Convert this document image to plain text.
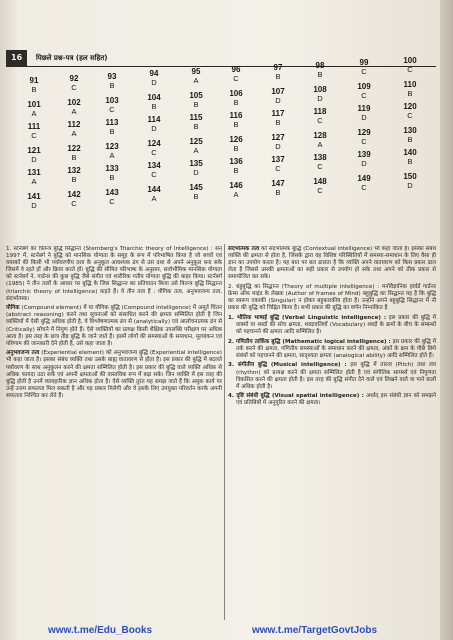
16 पिछले प्रश्न-पत्र (हल सहित)
91
B
92
C
93
B
94
D
95
A
96
C
97
B
98
B
99
C
100
C
101
A
102
A
103
C
104
B
105
B
106
B
107
D
108
D
109
C
110
B
111
C
112
A
113
B
114
D
115
B
116
B
117
B
118
C
119
D
120
C
121
D
122
B
123
A
124
C
125
A
126
B
127
D
128
A
129
C
130
B
131
A
132
B
133
B
134
C
135
D
136
B
137
C
138
C
139
D
140
B
141
D
142
C
143
C
144
A
145
B
146
A
147
B
148
C
149
C
150
D

1. स्टर्नबर्ग का त्रितन्त्र बुद्धि सिद्धान्त (Sternberg's Triarchic theory of Intelligence) : सन् 1997 में, स्टर्नबर्ग ने बुद्धि को मानसिक योग्यता के समूह के रूप में परिभाषित किया है जो बच्चों एवं वयस्कों की किसी भी पर्यावरणीय दशा के अनुकूल आवश्यक ढंग से उस दशा से अपने अनुकूल बना सके जिसमें वे रहते हों और क्रिया करते हों। बुद्धि की सीमित परिभाषा के अनुसार, सार्वभौमिक मानसिक योग्यता को स्टर्नबर्ग ने, गार्डनर की कुछ बुद्धि जैसे संगीत एवं शारीरिक गतीय योग्यता बुद्धि की बाहर किया। स्टर्नबर्ग (1985) ने तीन तत्वों के आधार पर बुद्धि के जिस सिद्धान्त का प्रतिपादन किया उसे त्रितन्त्र बुद्धि सिद्धान्त (triarchic theory of Intelligence) कहते हैं। ये तीन तत्व हैं : यौगिक तत्व, अनुभवजन्य तत्व, संदर्भात्मक।

यौगिक (Compound element) में या यौगिक बुद्धि (Compound intelligence) में अमूर्त चिंतन (abstract reasoning) करने तथा सूचनाओं को संसाधित करने की क्षमता सम्मिलित होती है जिन व्यक्तियों में ऐसी बुद्धि अधिक होती है, वे विश्लेषणात्मक ढंग से (analytically) एवं आलोचनात्मक ढंग से (Critically) सोचने में निपुण होते हैं। ऐसे व्यक्तियों का प्रत्यक्ष किसी शैक्षिक उपलब्धि परीक्षण पर अधिक आता है। इस तरह के छात्र तीव्र बुद्धि के जाने जाते हैं। इसमें लोगों की समस्याओं के समाधान, मूल्यांकन एवं परिणाम की जानकारी देने होती है, उसे कहा जाता है।

अनुभवजन्य तत्व (Experiential element) को अनुभवजन्य बुद्धि (Experiential intelligence) भी कहा जाता है। इसका संबंध व्यक्ति तथा उसके बाह्य वातावरण से होता है। इस प्रकार की बुद्धि में बदलते पर्यावरण के साथ अनुकूलन करने की क्षमता सम्मिलित होती है। इस प्रकार की बुद्धि वाले व्यक्ति अधिक से अधिक फायदा उठा सकें एवं अपनी क्षमताओं की वास्तविक रूप में बढ़ा सके। जिन व्यक्ति में इस तरह की बुद्धि होती है उनमें व्यावहारिक ज्ञान अधिक होता है। ऐसे व्यक्ति तुरंत यह समझ जाते हैं कि अमुक कार्य पर उन्हें उत्तम सफलता मिल सकती है और यह प्रकार मिलेगी और वे इसके लिए उपयुक्त परिवर्तन करके अपनी सफलता निश्चित कर लेते हैं।

संदर्भात्मक तत्व को संदर्भात्मक बुद्धि (Contextual intelligence) भी कहा जाता है। इसका संबंध व्यक्ति की क्षमता से होता है, जिसके द्वारा वह विशिष्ट परिस्थितियों में समस्या-समाधान के लिए वैसा ही ज्ञान का उपयोग करता है। यह बात पर बल डालता है कि व्यक्ति अपने वातावरण को किस प्रकार ढाल लेता है जिससे उसकी क्षमताओं का सही प्रकार से उपयोग हो सके तथा अपने को ठीक प्रकार से समायोजित कर सके।

2. बहुबुद्धि का सिद्धान्त (Theory of multiple intelligence) : मनोवैज्ञानिक हार्वर्ड गार्डनर फ्रेम्स ऑफ माइंड के लेखक (Author of frames of Mind) बहुबुद्धि का सिद्धान्त यह है कि बुद्धि का स्वरूप एकाकी (Singular) न होकर बहुकारकीय होता है। उन्होंने अपने बहुबुद्धि सिद्धान्त में नौ प्रकार की बुद्धि को चिह्नित किया है। सभी प्रकार की बुद्धि का वर्णन निम्नांकित है

1. भौतिक भाषाई बुद्धि (Verbal Linguistic intelligence) : इस प्रकार की बुद्धि में वाक्यों या शब्दों की सोच क्षमता, शब्दावलियों (Vocabulary) शब्दों के क्रमों के बीच के सम्बन्धों को पहचानने की क्षमता आदि सम्मिलित है।

2. गणितीय तार्किक बुद्धि (Mathematic logical intelligence) : इस प्रकार की बुद्धि में तर्क करने की क्षमता, गणितीय समस्याओं के समाधान करने की क्षमता, अंकों के क्रम के पीछे छिपे संबंधों को पहचानने की क्षमता, सादृश्यता क्षमता (analogical ability) आदि सम्मिलित होते हैं।

3. संगीतीय बुद्धि (Musical intelligence) : इस बुद्धि में तारत्व (Pitch) तथा लय (rhythm) को प्रत्यक्ष करने की क्षमता सम्मिलित होती है एवं संगीतिक सामर्थ्य एवं निपुणता विकसित करने की क्षमता होती है। इस तरह की बुद्धि संगीत देने वाले एवं लिखने वाले या गाने वालों में अधिक होती है।

4. दृष्टि संबंधी बुद्धि (Visual spatial intelligence) : अर्थात् इस संबंधी ज्ञान को समझने एवं प्रतिबिंबों में अनुपूरित करने की क्षमता।

www.t.me/Edu_Books	www.t.me/TargetGovtJobs
